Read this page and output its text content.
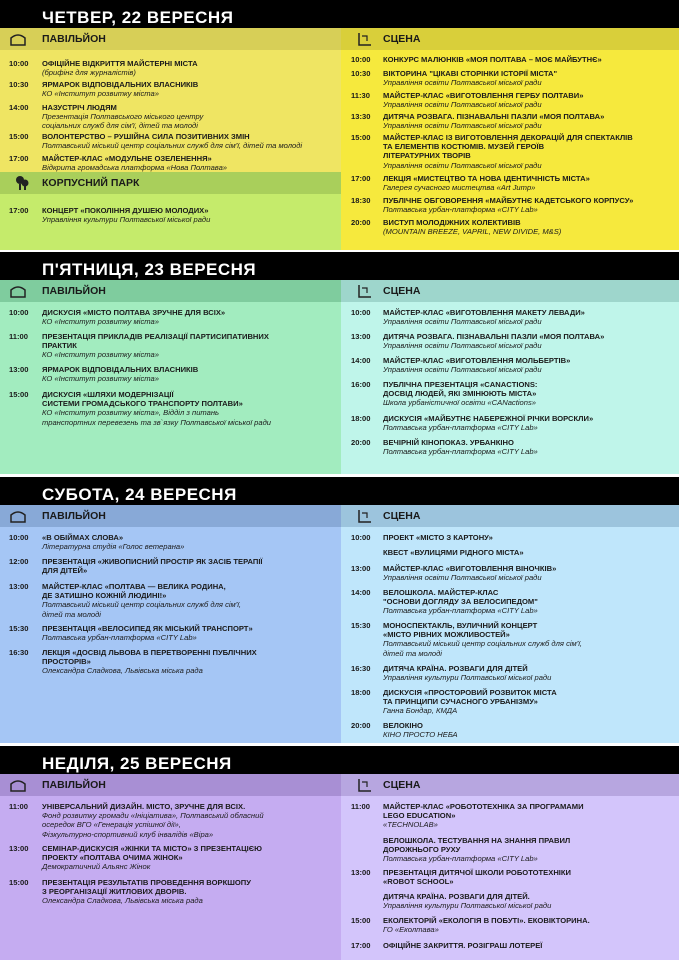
ЧЕТВЕР, 22 ВЕРЕСНЯ
ПАВІЛЬЙОН
10:00	ОФІЦІЙНЕ ВІДКРИТТЯ МАЙСТЕРНІ МІСТА
(брифінг для журналістів)
10:30	ЯРМАРОК ВІДПОВІДАЛЬНИХ ВЛАСНИКІВ
КО «Інститут розвитку міста»
14:00	НАЗУСТРІЧ ЛЮДЯМ
Презентація Полтавського міського центру
соціальних служб для сім'ї, дітей та молоді
15:00	ВОЛОНТЕРСТВО – РУШІЙНА СИЛА ПОЗИТИВНИХ ЗМІН
Полтавський міський центр соціальних служб для сім'ї, дітей та молоді
17:00	МАЙСТЕР-КЛАС «МОДУЛЬНЕ ОЗЕЛЕНЕННЯ»
Відкрита громадська платформа «Нова Полтава»
КОРПУСНИЙ ПАРК
17:00	КОНЦЕРТ «ПОКОЛІННЯ ДУШЕЮ МОЛОДИХ»
Управління культури Полтавської міської ради
СЦЕНА
10:00	КОНКУРС МАЛЮНКІВ «МОЯ ПОЛТАВА – МОЄ МАЙБУТНЄ»
10:30	ВІКТОРИНА "ЦІКАВІ СТОРІНКИ ІСТОРІЇ МІСТА"
Управління освіти Полтавської міської ради
11:30	МАЙСТЕР-КЛАС «ВИГОТОВЛЕННЯ ГЕРБУ ПОЛТАВИ»
Управління освіти Полтавської міської ради
13:30	ДИТЯЧА РОЗВАГА. ПІЗНАВАЛЬНІ ПАЗЛИ «МОЯ ПОЛТАВА»
Управління освіти Полтавської міської ради
15:00	МАЙСТЕР-КЛАС ІЗ ВИГОТОВЛЕННЯ ДЕКОРАЦІЙ ДЛЯ СПЕКТАКЛІВ
ТА ЕЛЕМЕНТІВ КОСТЮМІВ. МУЗЕЙ ГЕРОЇВ
ЛІТЕРАТУРНИХ ТВОРІВ
Управління освіти Полтавської міської ради
17:00	ЛЕКЦІЯ «МИСТЕЦТВО ТА НОВА ІДЕНТИЧНІСТЬ МІСТА»
Галерея сучасного мистецтва «Art Jump»
18:30	ПУБЛІЧНЕ ОБГОВОРЕННЯ «МАЙБУТНЄ КАДЕТСЬКОГО КОРПУСУ»
Полтавська урбан-платформа «CITY Lab»
20:00	ВИСТУП МОЛОДІЖНИХ КОЛЕКТИВІВ
(MOUNTAIN BREEZE, VAPRIL, NEW DIVIDE, M&S)
П'ЯТНИЦЯ, 23 ВЕРЕСНЯ
ПАВІЛЬЙОН
10:00	ДИСКУСІЯ «МІСТО ПОЛТАВА ЗРУЧНЕ ДЛЯ ВСІХ»
КО «Інститут розвитку міста»
11:00	ПРЕЗЕНТАЦІЯ ПРИКЛАДІВ РЕАЛІЗАЦІЇ ПАРТИСИПАТИВНИХ
ПРАКТИК
КО «Інститут розвитку міста»
13:00	ЯРМАРОК ВІДПОВІДАЛЬНИХ ВЛАСНИКІВ
КО «Інститут розвитку міста»
15:00	ДИСКУСІЯ «ШЛЯХИ МОДЕРНІЗАЦІЇ
СИСТЕМИ ГРОМАДСЬКОГО ТРАНСПОРТУ ПОЛТАВИ»
КО «Інститут розвитку міста», Відділ з питань
транспортних перевезень та зв`язку Полтавської міської ради
СЦЕНА
10:00	МАЙСТЕР-КЛАС «ВИГОТОВЛЕННЯ МАКЕТУ ЛЕВАДИ»
Управління освіти Полтавської міської ради
13:00	ДИТЯЧА РОЗВАГА. ПІЗНАВАЛЬНІ ПАЗЛИ «МОЯ ПОЛТАВА»
Управління освіти Полтавської міської ради
14:00	МАЙСТЕР-КЛАС «ВИГОТОВЛЕННЯ МОЛЬБЕРТІВ»
Управління освіти Полтавської міської ради
16:00	ПУБЛІЧНА ПРЕЗЕНТАЦІЯ «CANACTIONS:
ДОСВІД ЛЮДЕЙ, ЯКІ ЗМІНЮЮТЬ МІСТА»
Школа урбаністичної освіти «CANactions»
18:00	ДИСКУСІЯ «МАЙБУТНЄ НАБЕРЕЖНОЇ РІЧКИ ВОРСКЛИ»
Полтавська урбан-платформа «CITY Lab»
20:00	ВЕЧІРНІЙ КІНОПОКАЗ. УРБАНКІНО
Полтавська урбан-платформа «CITY Lab»
СУБОТА, 24 ВЕРЕСНЯ
ПАВІЛЬЙОН
10:00	«В ОБІЙМАХ СЛОВА»
Літературна студія «Голос ветерана»
12:00	ПРЕЗЕНТАЦІЯ «ЖИВОПИСНИЙ ПРОСТІР ЯК ЗАСІБ ТЕРАПІЇ
ДЛЯ ДІТЕЙ»
13:00	МАЙСТЕР-КЛАС «ПОЛТАВА — ВЕЛИКА РОДИНА,
ДЕ ЗАТИШНО КОЖНІЙ ЛЮДИНІ!»
Полтавський міський центр соціальних служб для сім'ї,
дітей та молоді
15:30	ПРЕЗЕНТАЦІЯ «ВЕЛОСИПЕД ЯК МІСЬКИЙ ТРАНСПОРТ»
Полтавська урбан-платформа «CITY Lab»
16:30	ЛЕКЦІЯ «ДОСВІД ЛЬВОВА В ПЕРЕТВОРЕННІ ПУБЛІЧНИХ
ПРОСТОРІВ»
Олександра Сладкова, Львівська міська рада
СЦЕНА
10:00	ПРОЕКТ «МІСТО З КАРТОНУ»
КВЕСТ «ВУЛИЦЯМИ РІДНОГО МІСТА»
13:00	МАЙСТЕР-КЛАС «ВИГОТОВЛЕННЯ ВІНОЧКІВ»
Управління освіти Полтавської міської ради
14:00	ВЕЛОШКОЛА. МАЙСТЕР-КЛАС
"ОСНОВИ ДОГЛЯДУ ЗА ВЕЛОСИПЕДОМ"
Полтавська урбан-платформа «CITY Lab»
15:30	МОНОСПЕКТАКЛЬ, ВУЛИЧНИЙ КОНЦЕРТ
«МІСТО РІВНИХ МОЖЛИВОСТЕЙ»
Полтавський міський центр соціальних служб для сім'ї,
дітей та молоді
16:30	ДИТЯЧА КРАЇНА. РОЗВАГИ ДЛЯ ДІТЕЙ
Управління культури Полтавської міської ради
18:00	ДИСКУСІЯ «ПРОСТОРОВИЙ РОЗВИТОК МІСТА
ТА ПРИНЦИПИ СУЧАСНОГО УРБАНІЗМУ»
Ганна Бондар, КМДА
20:00	ВЕЛОКІНО
КІНО ПРОСТО НЕБА
НЕДІЛЯ, 25 ВЕРЕСНЯ
ПАВІЛЬЙОН
11:00	УНІВЕРСАЛЬНИЙ ДИЗАЙН. МІСТО, ЗРУЧНЕ ДЛЯ ВСІХ.
Фонд розвитку громади «Ініціатива», Полтавський обласний
осередок ВГО «Генерація успішної дії»,
Фізкультурно-спортивний клуб інвалідів «Віра»
13:00	СЕМІНАР-ДИСКУСІЯ «ЖІНКИ ТА МІСТО» З ПРЕЗЕНТАЦІЄЮ
ПРОЕКТУ «ПОЛТАВА ОЧИМА ЖІНОК»
Демократичний Альянс Жінок
15:00	ПРЕЗЕНТАЦІЯ РЕЗУЛЬТАТІВ ПРОВЕДЕННЯ ВОРКШОПУ
З РЕОРГАНІЗАЦІЇ ЖИТЛОВИХ ДВОРІВ.
Олександра Сладкова, Львівська міська рада
СЦЕНА
11:00	МАЙСТЕР-КЛАС «РОБОТОТЕХНІКА ЗА ПРОГРАМАМИ
LEGO EDUCATION»
«TECHNOLAB»
ВЕЛОШКОЛА. ТЕСТУВАННЯ НА ЗНАННЯ ПРАВИЛ
ДОРОЖНЬОГО РУХУ
Полтавська урбан-платформа «CITY Lab»
13:00	ПРЕЗЕНТАЦІЯ ДИТЯЧОЇ ШКОЛИ РОБОТОТЕХНІКИ
«ROBOT SCHOOL»
ДИТЯЧА КРАЇНА. РОЗВАГИ ДЛЯ ДІТЕЙ.
Управління культури Полтавської міської ради
15:00	ЕКОЛЕКТОРІЙ «ЕКОЛОГІЯ В ПОБУТІ». ЕКОВІКТОРИНА.
ГО «Еколтава»
17:00	ОФІЦІЙНЕ ЗАКРИТТЯ. РОЗІГРАШ ЛОТЕРЕЇ
